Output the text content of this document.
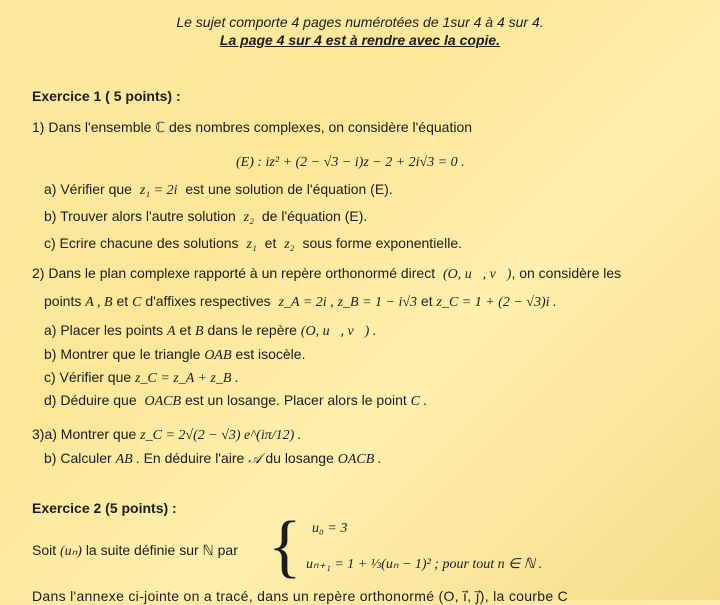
Le sujet comporte 4 pages numérotées de 1sur 4 à 4 sur 4.
La page 4 sur 4 est à rendre avec la copie.
Exercice 1 ( 5 points) :
1) Dans l'ensemble ℂ des nombres complexes, on considère l'équation
(E) : iz² + (2 − √3 − i)z − 2 + 2i√3 = 0 .
a) Vérifier que z₁ = 2i est une solution de l'équation (E).
b) Trouver alors l'autre solution z₂ de l'équation (E).
c) Ecrire chacune des solutions z₁ et z₂ sous forme exponentielle.
2) Dans le plan complexe rapporté à un repère orthonormé direct (O, u⃗, v⃗), on considère les
points A , B et C d'affixes respectives z_A = 2i , z_B = 1 − i√3 et z_C = 1 + (2 − √3)i .
a) Placer les points A et B dans le repère (O, u⃗, v⃗) .
b) Montrer que le triangle OAB est isocèle.
c) Vérifier que z_C = z_A + z_B .
d) Déduire que OACB est un losange. Placer alors le point C .
3)a) Montrer que z_C = 2√(2 − √3) e^(iπ/12) .
b) Calculer AB . En déduire l'aire 𝒜 du losange OACB .
Exercice 2 (5 points) :
Soit (uₙ) la suite définie sur ℕ par { u₀ = 3
uₙ₊₁ = 1 + ⅓(uₙ − 1)² ; pour tout n ∈ ℕ .
Dans l'annexe ci-jointe on a tracé, dans un repère orthonormé (O, i⃗, j⃗), la courbe C
